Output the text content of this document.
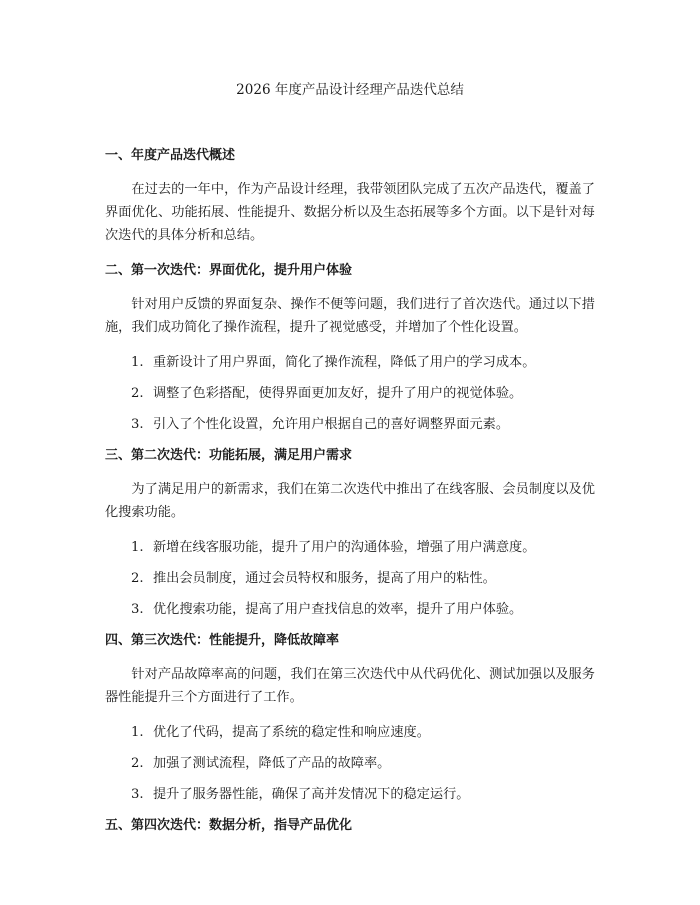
2026 年度产品设计经理产品迭代总结
一、年度产品迭代概述

在过去的一年中，作为产品设计经理，我带领团队完成了五次产品迭代，覆盖了界面优化、功能拓展、性能提升、数据分析以及生态拓展等多个方面。以下是针对每次迭代的具体分析和总结。

二、第一次迭代：界面优化，提升用户体验

针对用户反馈的界面复杂、操作不便等问题，我们进行了首次迭代。通过以下措施，我们成功简化了操作流程，提升了视觉感受，并增加了个性化设置。

1. 重新设计了用户界面，简化了操作流程，降低了用户的学习成本。
2. 调整了色彩搭配，使得界面更加友好，提升了用户的视觉体验。
3. 引入了个性化设置，允许用户根据自己的喜好调整界面元素。
三、第二次迭代：功能拓展，满足用户需求

为了满足用户的新需求，我们在第二次迭代中推出了在线客服、会员制度以及优化搜索功能。

1. 新增在线客服功能，提升了用户的沟通体验，增强了用户满意度。
2. 推出会员制度，通过会员特权和服务，提高了用户的粘性。
3. 优化搜索功能，提高了用户查找信息的效率，提升了用户体验。
四、第三次迭代：性能提升，降低故障率

针对产品故障率高的问题，我们在第三次迭代中从代码优化、测试加强以及服务器性能提升三个方面进行了工作。

1. 优化了代码，提高了系统的稳定性和响应速度。
2. 加强了测试流程，降低了产品的故障率。
3. 提升了服务器性能，确保了高并发情况下的稳定运行。
五、第四次迭代：数据分析，指导产品优化
